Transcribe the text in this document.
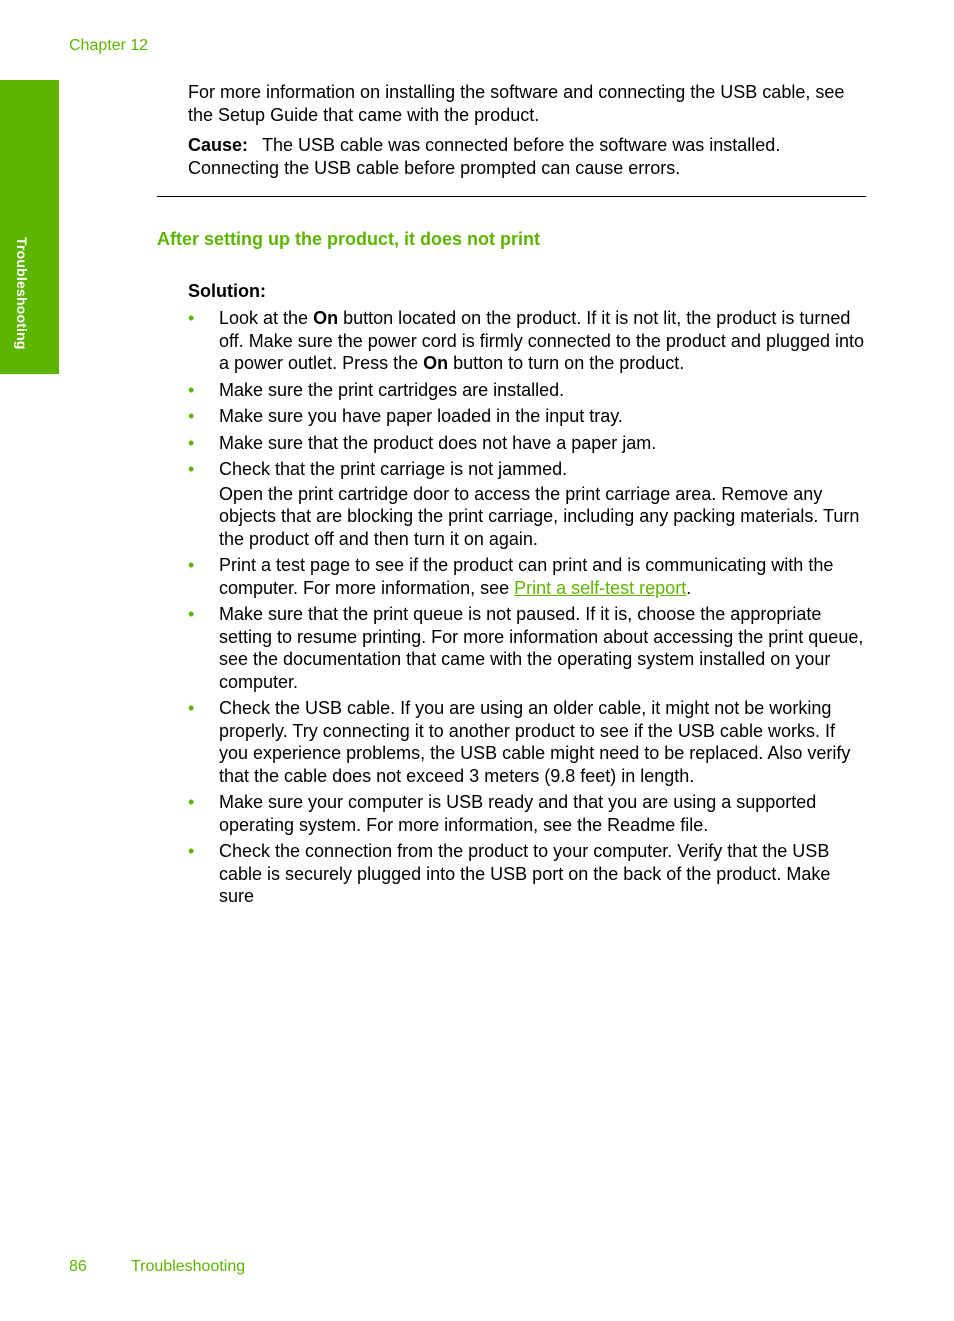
Chapter 12
Troubleshooting

For more information on installing the software and connecting the USB cable, see the Setup Guide that came with the product.

Cause: The USB cable was connected before the software was installed. Connecting the USB cable before prompted can cause errors.

After setting up the product, it does not print
Solution:
• Look at the On button located on the product. If it is not lit, the product is turned off. Make sure the power cord is firmly connected to the product and plugged into a power outlet. Press the On button to turn on the product.
• Make sure the print cartridges are installed.
• Make sure you have paper loaded in the input tray.
• Make sure that the product does not have a paper jam.
• Check that the print carriage is not jammed.
Open the print cartridge door to access the print carriage area. Remove any objects that are blocking the print carriage, including any packing materials. Turn the product off and then turn it on again.
• Print a test page to see if the product can print and is communicating with the computer. For more information, see Print a self-test report.
• Make sure that the print queue is not paused. If it is, choose the appropriate setting to resume printing. For more information about accessing the print queue, see the documentation that came with the operating system installed on your computer.
• Check the USB cable. If you are using an older cable, it might not be working properly. Try connecting it to another product to see if the USB cable works. If you experience problems, the USB cable might need to be replaced. Also verify that the cable does not exceed 3 meters (9.8 feet) in length.
• Make sure your computer is USB ready and that you are using a supported operating system. For more information, see the Readme file.
• Check the connection from the product to your computer. Verify that the USB cable is securely plugged into the USB port on the back of the product. Make sure
86	Troubleshooting
